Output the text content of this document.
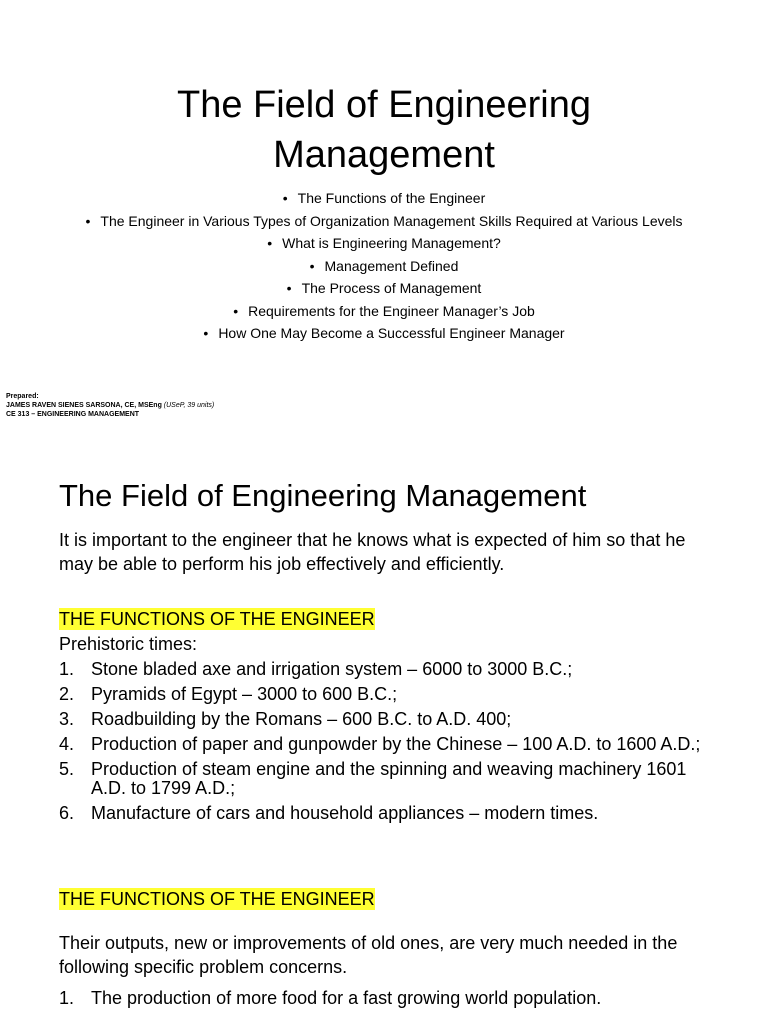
The Field of Engineering
Management
• The Functions of the Engineer
• The Engineer in Various Types of Organization Management Skills Required at Various Levels
• What is Engineering Management?
• Management Defined
• The Process of Management
• Requirements for the Engineer Manager’s Job
• How One May Become a Successful Engineer Manager
Prepared:
JAMES RAVEN SIENES SARSONA, CE, MSEng (USeP, 39 units)
CE 313 – ENGINEERING MANAGEMENT
The Field of Engineering Management

It is important to the engineer that he knows what is expected of him so that he may be able to perform his job effectively and efficiently.

THE FUNCTIONS OF THE ENGINEER

Prehistoric times:

1. Stone bladed axe and irrigation system – 6000 to 3000 B.C.;
2. Pyramids of Egypt – 3000 to 600 B.C.;
3. Roadbuilding by the Romans – 600 B.C. to A.D. 400;
4. Production of paper and gunpowder by the Chinese – 100 A.D. to 1600 A.D.;
5. Production of steam engine and the spinning and weaving machinery 1601 A.D. to 1799 A.D.;
6. Manufacture of cars and household appliances – modern times.

THE FUNCTIONS OF THE ENGINEER

Their outputs, new or improvements of old ones, are very much needed in the following specific problem concerns.

1. The production of more food for a fast growing world population.
